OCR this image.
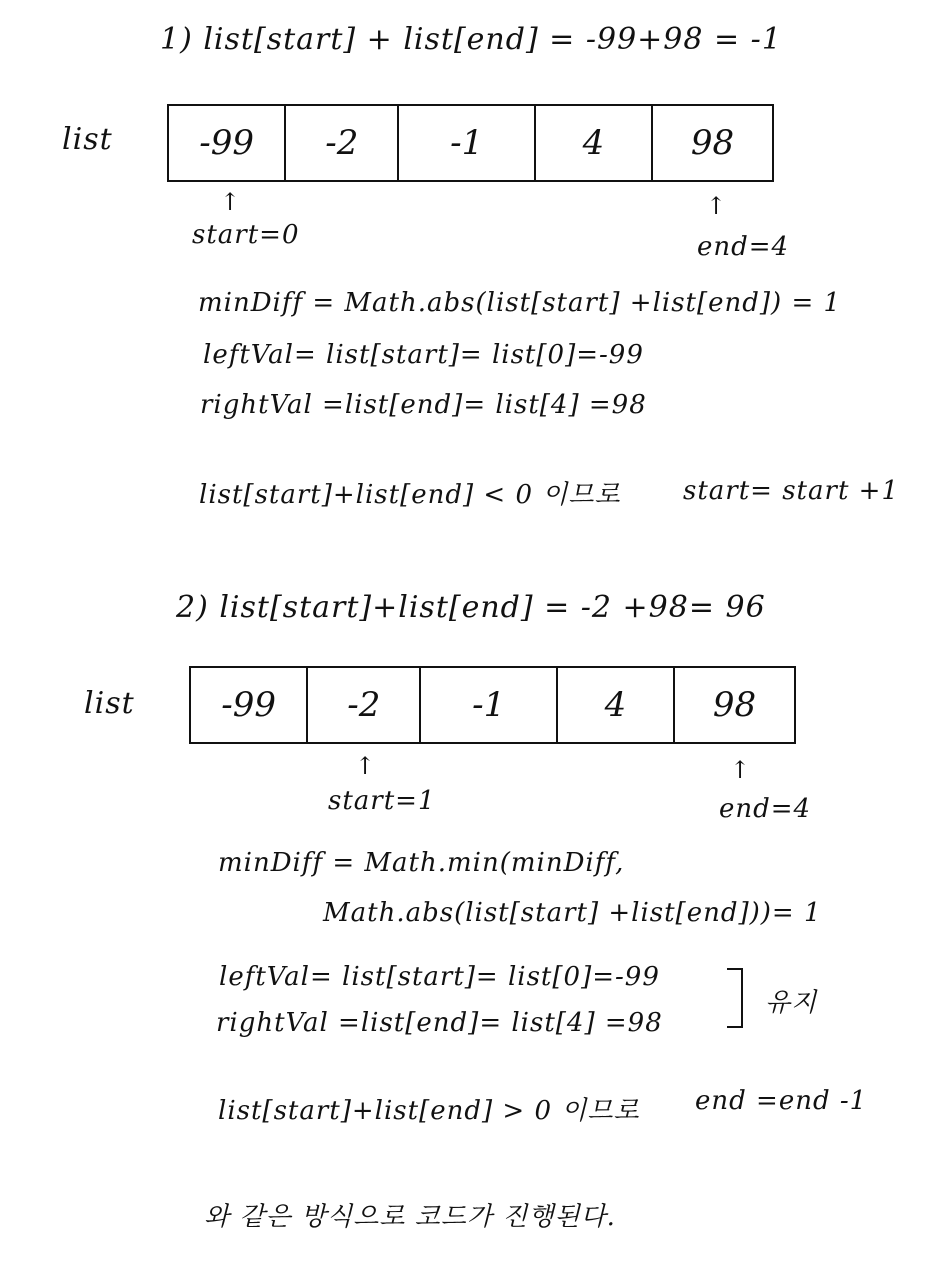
1) list[start] + list[end] = -99+98 = -1
list	-99	-2	-1	4	98
↑
start=0
↑
end=4
minDiff = Math.abs(list[start] +list[end]) = 1
leftVal= list[start]= list[0]=-99
rightVal =list[end]= list[4] =98
list[start]+list[end] < 0 이므로 start= start +1
2) list[start]+list[end] = -2 +98= 96
list	-99	-2	-1	4	98
↑
start=1
↑
end=4
minDiff = Math.min(minDiff,
Math.abs(list[start] +list[end]))= 1
leftVal= list[start]= list[0]=-99
rightVal =list[end]= list[4] =98
유지
list[start]+list[end] > 0 이므로 end =end -1
와 같은 방식으로 코드가 진행된다.
